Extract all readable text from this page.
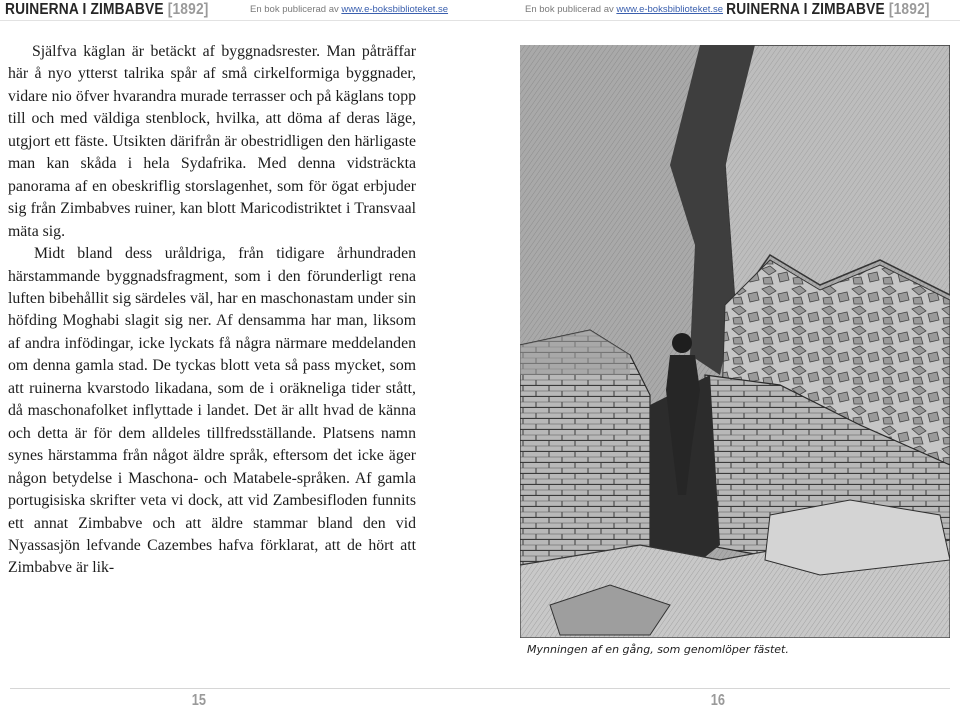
RUINERNA I ZIMBABVE [1892]	En bok publicerad av www.e-boksbiblioteket.se

Själfva käglan är betäckt af byggnadsrester. Man påträffar här å nyo ytterst talrika spår af små cirkelformiga byggnader, vidare nio öfver hvarandra murade terrasser och på käglans topp till och med väldiga stenblock, hvilka, att döma af deras läge, utgjort ett fäste. Utsikten därifrån är obestridligen den härligaste man kan skåda i hela Sydafrika. Med denna vidsträckta panorama af en obeskriflig storslagenhet, som för ögat erbjuder sig från Zimbabves ruiner, kan blott Maricodistriktet i Transvaal mäta sig.

Midt bland dess uråldriga, från tidigare århundraden härstammande byggnadsfragment, som i den förunderligt rena luften bibehållit sig särdeles väl, har en maschonastam under sin höfding Moghabi slagit sig ner. Af densamma har man, liksom af andra infödingar, icke lyckats få några närmare meddelanden om denna gamla stad. De tyckas blott veta så pass mycket, som att ruinerna kvarstodo likadana, som de i oräkneliga tider stått, då maschonafolket inflyttade i landet. Det är allt hvad de känna och detta är för dem alldeles tillfredsställande. Platsens namn synes härstamma från något äldre språk, eftersom det icke äger någon betydelse i Maschona- och Matabele-språken. Af gamla portugisiska skrifter veta vi dock, att vid Zambesifloden funnits ett annat Zimbabve och att äldre stammar bland den vid Nyassasjön lefvande Cazembes hafva förklarat, att de hört att Zimbabve är lik-

15
En bok publicerad av www.e-boksbiblioteket.se RUINERNA I ZIMBABVE [1892]
Mynningen af en gång, som genomlöper fästet.
16
